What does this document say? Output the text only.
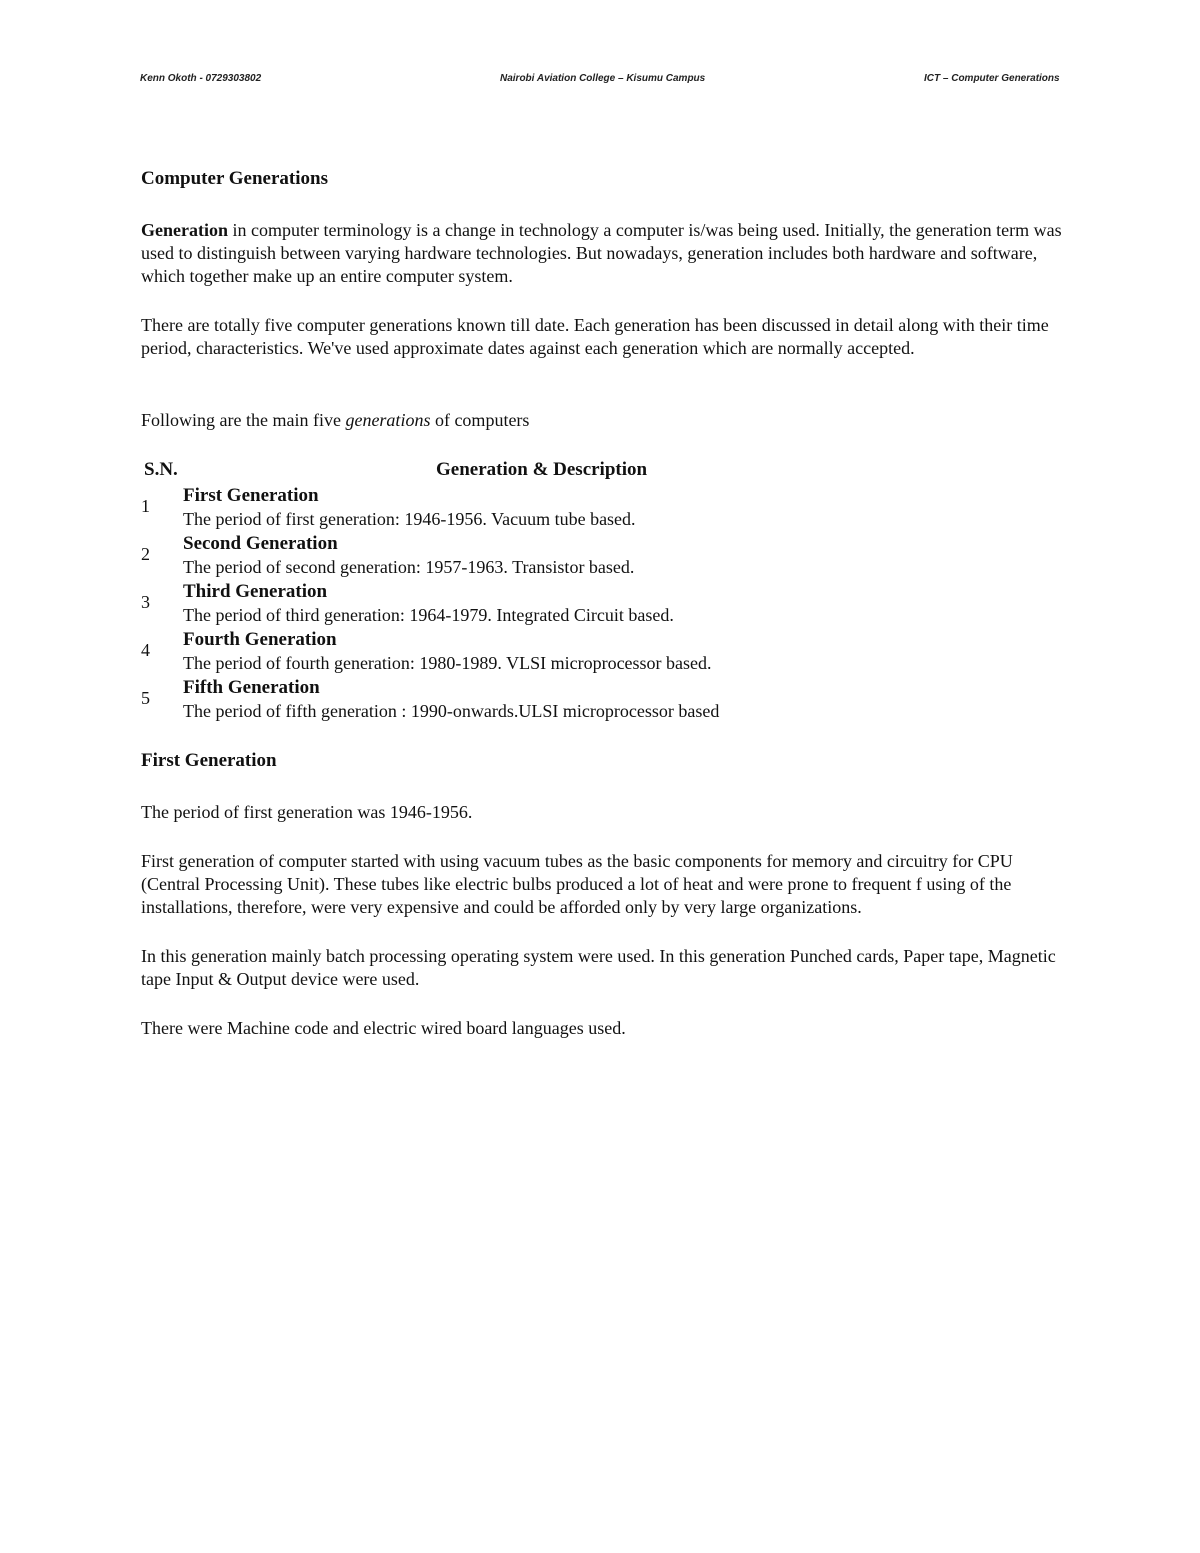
Kenn Okoth - 0729303802	Nairobi Aviation College – Kisumu Campus	ICT – Computer Generations
Computer Generations
Generation in computer terminology is a change in technology a computer is/was being used. Initially, the generation term was used to distinguish between varying hardware technologies. But nowadays, generation includes both hardware and software, which together make up an entire computer system.
There are totally five computer generations known till date. Each generation has been discussed in detail along with their time period, characteristics. We've used approximate dates against each generation which are normally accepted.
Following are the main five generations of computers
S.N.	Generation & Description
1 First Generation
The period of first generation: 1946-1956. Vacuum tube based.
2 Second Generation
The period of second generation: 1957-1963. Transistor based.
3 Third Generation
The period of third generation: 1964-1979. Integrated Circuit based.
4 Fourth Generation
The period of fourth generation: 1980-1989. VLSI microprocessor based.
5 Fifth Generation
The period of fifth generation : 1990-onwards.ULSI microprocessor based
First Generation
The period of first generation was 1946-1956.
First generation of computer started with using vacuum tubes as the basic components for memory and circuitry for CPU (Central Processing Unit). These tubes like electric bulbs produced a lot of heat and were prone to frequent f using of the installations, therefore, were very expensive and could be afforded only by very large organizations.
In this generation mainly batch processing operating system were used. In this generation Punched cards, Paper tape, Magnetic tape Input & Output device were used.
There were Machine code and electric wired board languages used.
